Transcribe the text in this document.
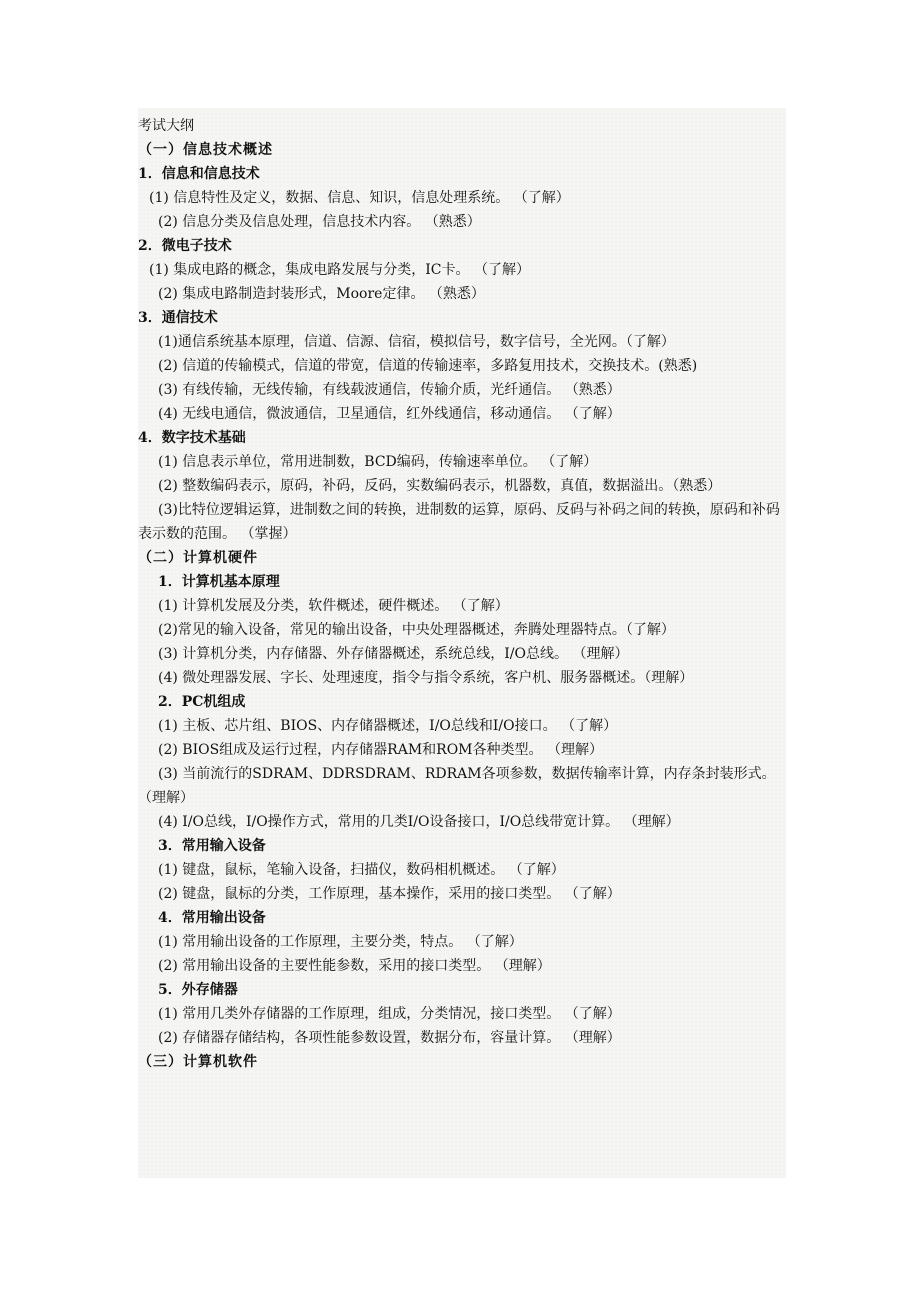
考试大纲
（一）信息技术概述
1．信息和信息技术
(1) 信息特性及定义，数据、信息、知识，信息处理系统。 （了解）
(2) 信息分类及信息处理，信息技术内容。 （熟悉）
2．微电子技术
(1) 集成电路的概念，集成电路发展与分类，IC卡。 （了解）
(2) 集成电路制造封装形式，Moore定律。 （熟悉）
3．通信技术
(1)通信系统基本原理，信道、信源、信宿，模拟信号，数字信号，全光网。（了解）
(2) 信道的传输模式，信道的带宽，信道的传输速率，多路复用技术，交换技术。(熟悉)
(3) 有线传输，无线传输，有线载波通信，传输介质，光纤通信。 （熟悉）
(4) 无线电通信，微波通信，卫星通信，红外线通信，移动通信。 （了解）
4．数字技术基础
(1) 信息表示单位，常用进制数，BCD编码，传输速率单位。 （了解）
(2) 整数编码表示，原码，补码，反码，实数编码表示，机器数，真值，数据溢出。（熟悉）
(3)比特位逻辑运算，进制数之间的转换，进制数的运算，原码、反码与补码之间的转换，原码和补码表示数的范围。 （掌握）
（二）计算机硬件
1．计算机基本原理
(1) 计算机发展及分类，软件概述，硬件概述。 （了解）
(2)常见的输入设备，常见的输出设备，中央处理器概述，奔腾处理器特点。（了解）
(3) 计算机分类，内存储器、外存储器概述，系统总线，I/O总线。 （理解）
(4) 微处理器发展、字长、处理速度，指令与指令系统，客户机、服务器概述。（理解）
2．PC机组成
(1) 主板、芯片组、BIOS、内存储器概述，I/O总线和I/O接口。 （了解）
(2) BIOS组成及运行过程，内存储器RAM和ROM各种类型。 （理解）
(3) 当前流行的SDRAM、DDRSDRAM、RDRAM各项参数，数据传输率计算，内存条封装形式。 （理解）
(4) I/O总线，I/O操作方式，常用的几类I/O设备接口，I/O总线带宽计算。 （理解）
3．常用输入设备
(1) 键盘，鼠标，笔输入设备，扫描仪，数码相机概述。 （了解）
(2) 键盘，鼠标的分类，工作原理，基本操作，采用的接口类型。 （了解）
4．常用输出设备
(1) 常用输出设备的工作原理，主要分类，特点。 （了解）
(2) 常用输出设备的主要性能参数，采用的接口类型。 （理解）
5．外存储器
(1) 常用几类外存储器的工作原理，组成，分类情况，接口类型。 （了解）
(2) 存储器存储结构，各项性能参数设置，数据分布，容量计算。 （理解）
（三）计算机软件
